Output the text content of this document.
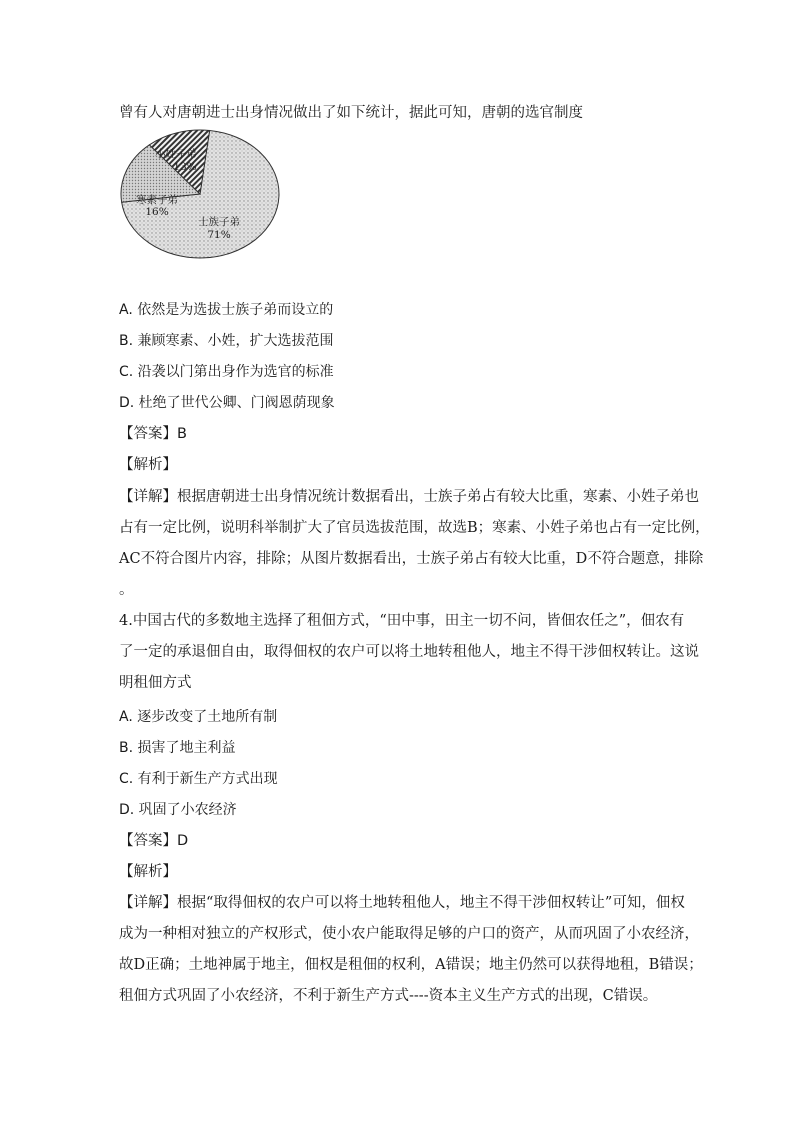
曾有人对唐朝进士出身情况做出了如下统计，据此可知，唐朝的选官制度
小姓子弟
13%
寒素子弟
16%
士族子弟
71%
A. 依然是为选拔士族子弟而设立的
B. 兼顾寒素、小姓，扩大选拔范围
C. 沿袭以门第出身作为选官的标准
D. 杜绝了世代公卿、门阀恩荫现象
【答案】B
【解析】

【详解】根据唐朝进士出身情况统计数据看出，士族子弟占有较大比重，寒素、小姓子弟也

占有一定比例，说明科举制扩大了官员选拔范围，故选B；寒素、小姓子弟也占有一定比例，

AC不符合图片内容，排除；从图片数据看出，士族子弟占有较大比重，D不符合题意，排除

。

4.中国古代的多数地主选择了租佃方式，“田中事，田主一切不问，皆佃农任之”，佃农有

了一定的承退佃自由，取得佃权的农户可以将土地转租他人，地主不得干涉佃权转让。这说

明租佃方式

A. 逐步改变了土地所有制
B. 损害了地主利益
C. 有利于新生产方式出现
D. 巩固了小农经济
【答案】D
【解析】

【详解】根据“取得佃权的农户可以将土地转租他人，地主不得干涉佃权转让”可知，佃权

成为一种相对独立的产权形式，使小农户能取得足够的户口的资产，从而巩固了小农经济，

故D正确；土地神属于地主，佃权是租佃的权利，A错误；地主仍然可以获得地租，B错误；

租佃方式巩固了小农经济，不利于新生产方式----资本主义生产方式的出现，C错误。
